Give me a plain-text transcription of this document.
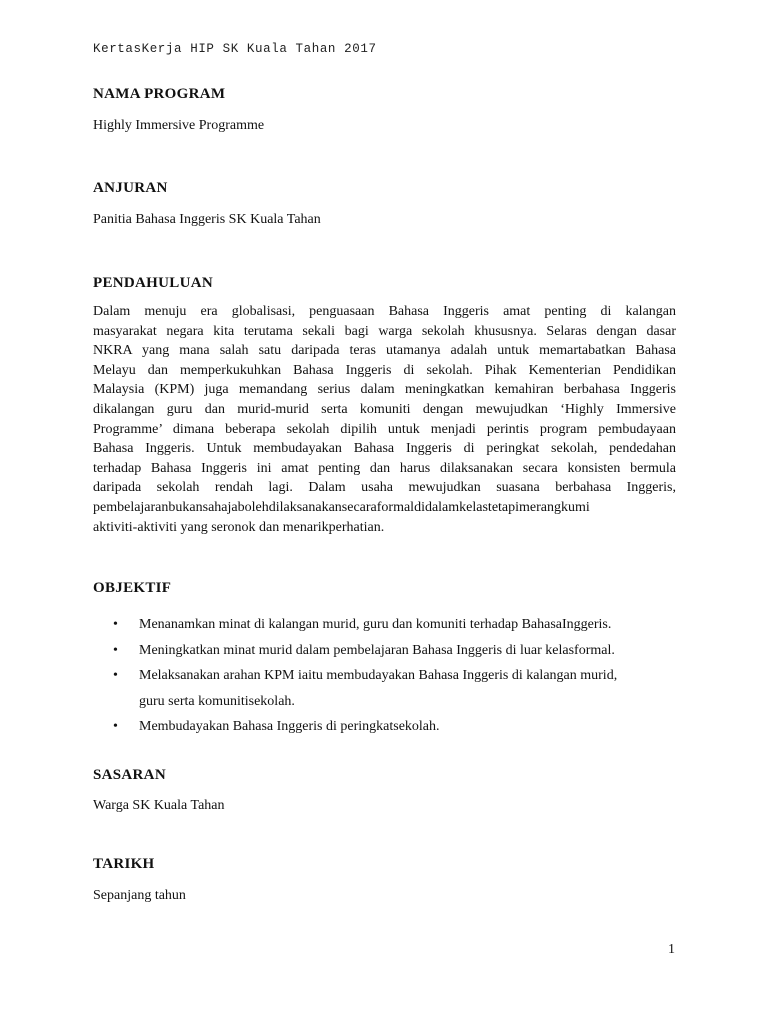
KertasKerja HIP SK Kuala Tahan 2017
NAMA PROGRAM
Highly Immersive Programme
ANJURAN
Panitia Bahasa Inggeris SK Kuala Tahan
PENDAHULUAN
Dalam menuju era globalisasi, penguasaan Bahasa Inggeris amat penting di kalangan
masyarakat negara kita terutama sekali bagi warga sekolah khususnya. Selaras dengan dasar
NKRA yang mana salah satu daripada teras utamanya adalah untuk memartabatkan Bahasa
Melayu dan memperkukuhkan Bahasa Inggeris di sekolah. Pihak Kementerian Pendidikan
Malaysia (KPM) juga memandang serius dalam meningkatkan kemahiran berbahasa Inggeris
dikalangan guru dan murid-murid serta komuniti dengan mewujudkan ‘Highly Immersive
Programme’ dimana beberapa sekolah dipilih untuk menjadi perintis program pembudayaan
Bahasa Inggeris. Untuk membudayakan Bahasa Inggeris di peringkat sekolah, pendedahan
terhadap Bahasa Inggeris ini amat penting dan harus dilaksanakan secara konsisten bermula
daripada sekolah rendah lagi. Dalam usaha mewujudkan suasana berbahasa Inggeris,
pembelajaranbukansahajabolehdilaksanakansecaraformaldidalamkelastetapimerangkumi
aktiviti-aktiviti yang seronok dan menarikperhatian.
OBJEKTIF
• Menanamkan minat di kalangan murid, guru dan komuniti terhadap BahasaInggeris.
• Meningkatkan minat murid dalam pembelajaran Bahasa Inggeris di luar kelasformal.
• Melaksanakan arahan KPM iaitu membudayakan Bahasa Inggeris di kalangan murid,
guru serta komunitisekolah.
• Membudayakan Bahasa Inggeris di peringkatsekolah.
SASARAN
Warga SK Kuala Tahan
TARIKH
Sepanjang tahun
1
